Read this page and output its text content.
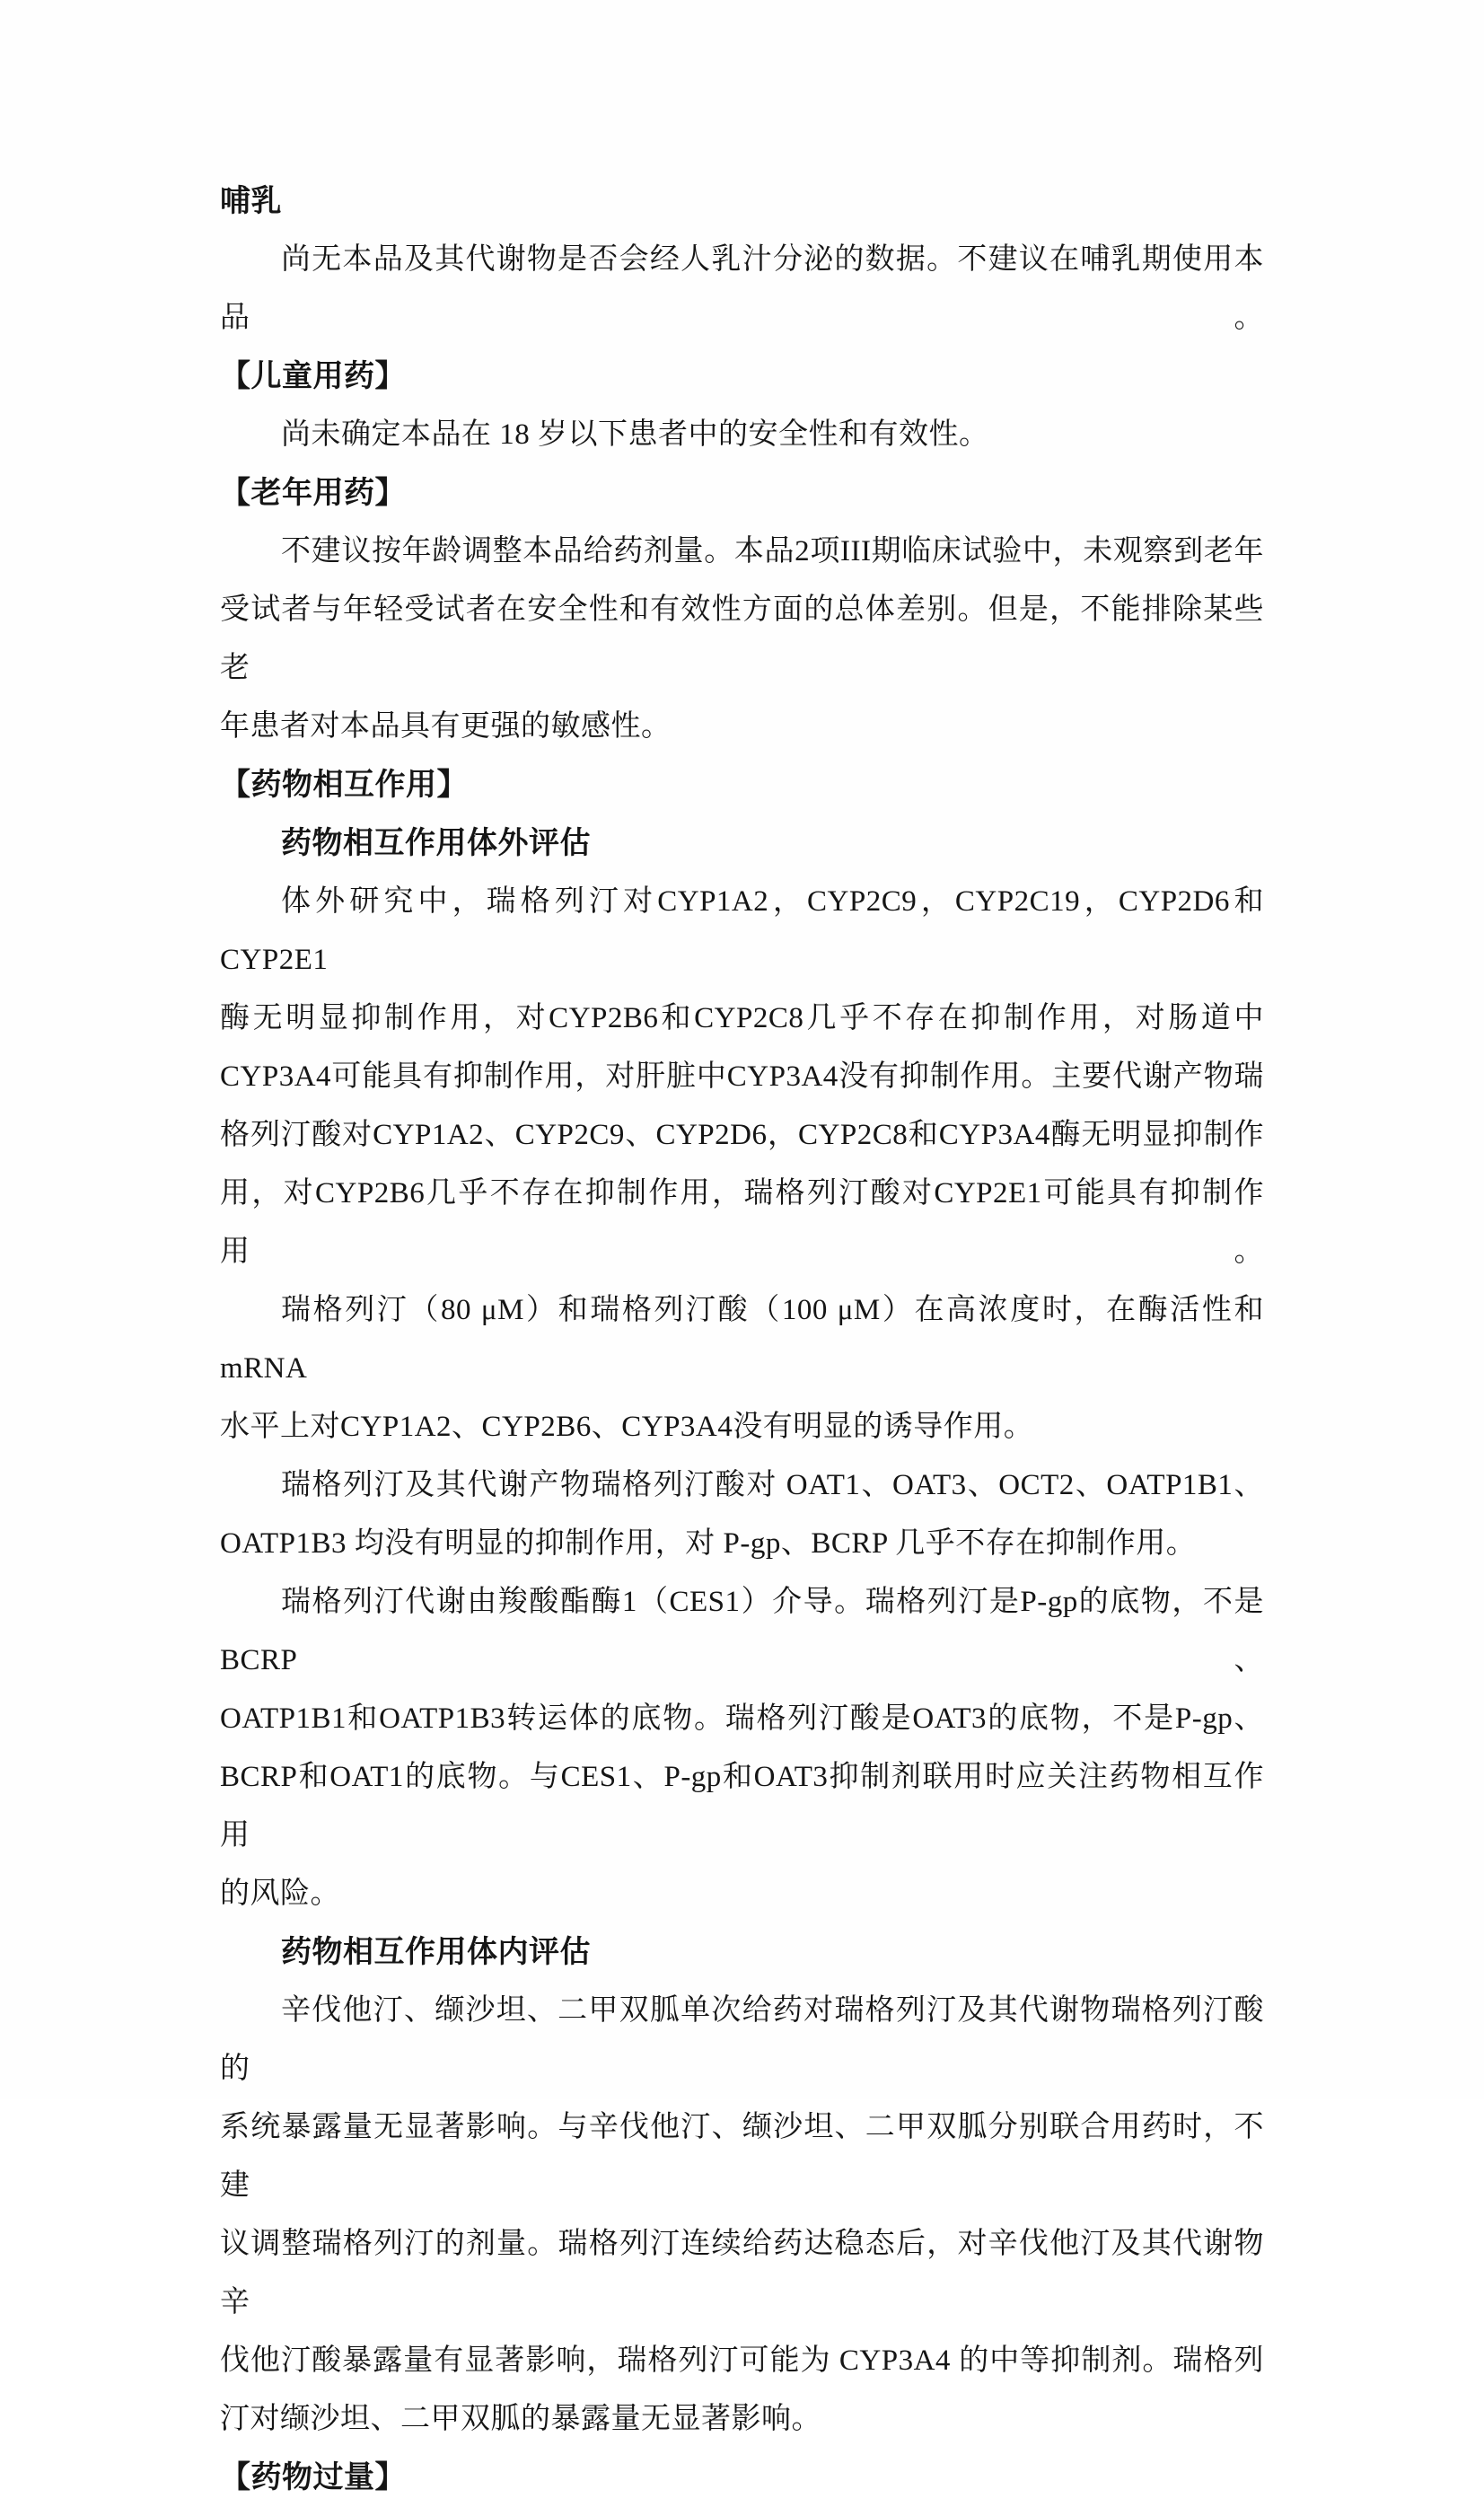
哺乳
尚无本品及其代谢物是否会经人乳汁分泌的数据。不建议在哺乳期使用本品。
【儿童用药】
尚未确定本品在 18 岁以下患者中的安全性和有效性。
【老年用药】
不建议按年龄调整本品给药剂量。本品2项III期临床试验中，未观察到老年
受试者与年轻受试者在安全性和有效性方面的总体差别。但是，不能排除某些老
年患者对本品具有更强的敏感性。
【药物相互作用】
药物相互作用体外评估
体外研究中，瑞格列汀对CYP1A2，CYP2C9，CYP2C19，CYP2D6和CYP2E1
酶无明显抑制作用，对CYP2B6和CYP2C8几乎不存在抑制作用，对肠道中
CYP3A4可能具有抑制作用，对肝脏中CYP3A4没有抑制作用。主要代谢产物瑞
格列汀酸对CYP1A2、CYP2C9、CYP2D6，CYP2C8和CYP3A4酶无明显抑制作
用，对CYP2B6几乎不存在抑制作用，瑞格列汀酸对CYP2E1可能具有抑制作用。
瑞格列汀（80 μM）和瑞格列汀酸（100 μM）在高浓度时，在酶活性和mRNA
水平上对CYP1A2、CYP2B6、CYP3A4没有明显的诱导作用。
瑞格列汀及其代谢产物瑞格列汀酸对 OAT1、OAT3、OCT2、OATP1B1、
OATP1B3 均没有明显的抑制作用，对 P-gp、BCRP 几乎不存在抑制作用。
瑞格列汀代谢由羧酸酯酶1（CES1）介导。瑞格列汀是P-gp的底物，不是BCRP、
OATP1B1和OATP1B3转运体的底物。瑞格列汀酸是OAT3的底物，不是P-gp、
BCRP和OAT1的底物。与CES1、P-gp和OAT3抑制剂联用时应关注药物相互作用
的风险。
药物相互作用体内评估
辛伐他汀、缬沙坦、二甲双胍单次给药对瑞格列汀及其代谢物瑞格列汀酸的
系统暴露量无显著影响。与辛伐他汀、缬沙坦、二甲双胍分别联合用药时，不建
议调整瑞格列汀的剂量。瑞格列汀连续给药达稳态后，对辛伐他汀及其代谢物辛
伐他汀酸暴露量有显著影响，瑞格列汀可能为 CYP3A4 的中等抑制剂。瑞格列
汀对缬沙坦、二甲双胍的暴露量无显著影响。
【药物过量】
